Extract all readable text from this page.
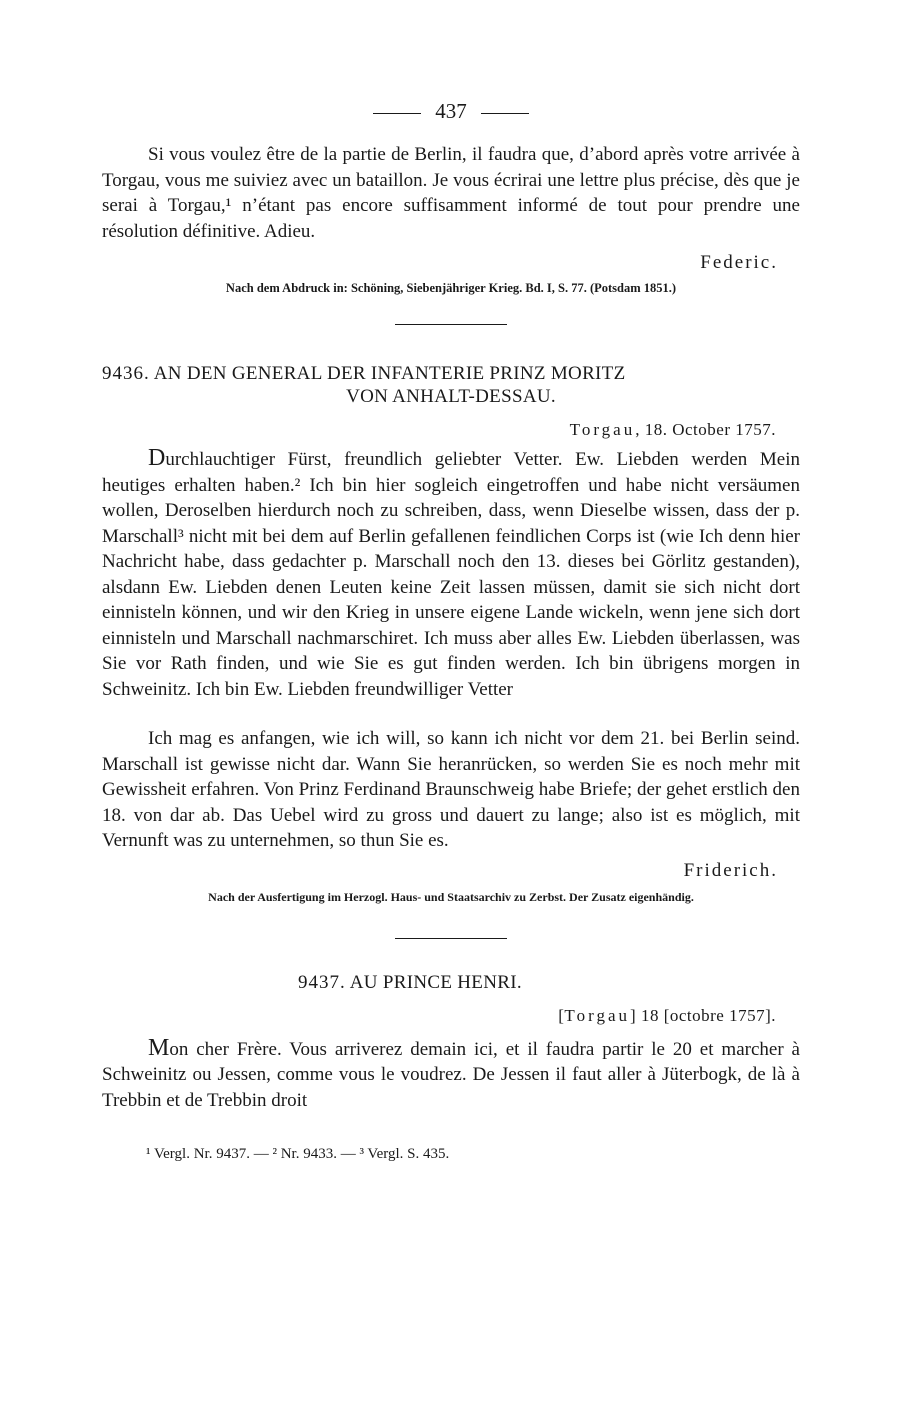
437

Si vous voulez être de la partie de Berlin, il faudra que, d’abord après votre arrivée à Torgau, vous me suiviez avec un bataillon. Je vous écrirai une lettre plus précise, dès que je serai à Torgau,¹ n’étant pas encore suffisamment informé de tout pour prendre une résolution définitive. Adieu.

Federic.

Nach dem Abdruck in: Schöning, Siebenjähriger Krieg. Bd. I, S. 77. (Potsdam 1851.)

9436. AN DEN GENERAL DER INFANTERIE PRINZ MORITZ
VON ANHALT-DESSAU.

Torgau, 18. October 1757.

Durchlauchtiger Fürst, freundlich geliebter Vetter. Ew. Liebden werden Mein heutiges erhalten haben.² Ich bin hier sogleich eingetroffen und habe nicht versäumen wollen, Deroselben hierdurch noch zu schreiben, dass, wenn Dieselbe wissen, dass der p. Marschall³ nicht mit bei dem auf Berlin gefallenen feindlichen Corps ist (wie Ich denn hier Nachricht habe, dass gedachter p. Marschall noch den 13. dieses bei Görlitz gestanden), alsdann Ew. Liebden denen Leuten keine Zeit lassen müssen, damit sie sich nicht dort einnisteln können, und wir den Krieg in unsere eigene Lande wickeln, wenn jene sich dort einnisteln und Marschall nachmarschiret. Ich muss aber alles Ew. Liebden überlassen, was Sie vor Rath finden, und wie Sie es gut finden werden. Ich bin übrigens morgen in Schweinitz. Ich bin Ew. Liebden freundwilliger Vetter

Ich mag es anfangen, wie ich will, so kann ich nicht vor dem 21. bei Berlin seind. Marschall ist gewisse nicht dar. Wann Sie heranrücken, so werden Sie es noch mehr mit Gewissheit erfahren. Von Prinz Ferdinand Braunschweig habe Briefe; der gehet erstlich den 18. von dar ab. Das Uebel wird zu gross und dauert zu lange; also ist es möglich, mit Vernunft was zu unternehmen, so thun Sie es.

Friderich.

Nach der Ausfertigung im Herzogl. Haus- und Staatsarchiv zu Zerbst. Der Zusatz eigenhändig.

9437. AU PRINCE HENRI.

[Torgau] 18 [octobre 1757].

Mon cher Frère. Vous arriverez demain ici, et il faudra partir le 20 et marcher à Schweinitz ou Jessen, comme vous le voudrez. De Jessen il faut aller à Jüterbogk, de là à Trebbin et de Trebbin droit

¹ Vergl. Nr. 9437. — ² Nr. 9433. — ³ Vergl. S. 435.
